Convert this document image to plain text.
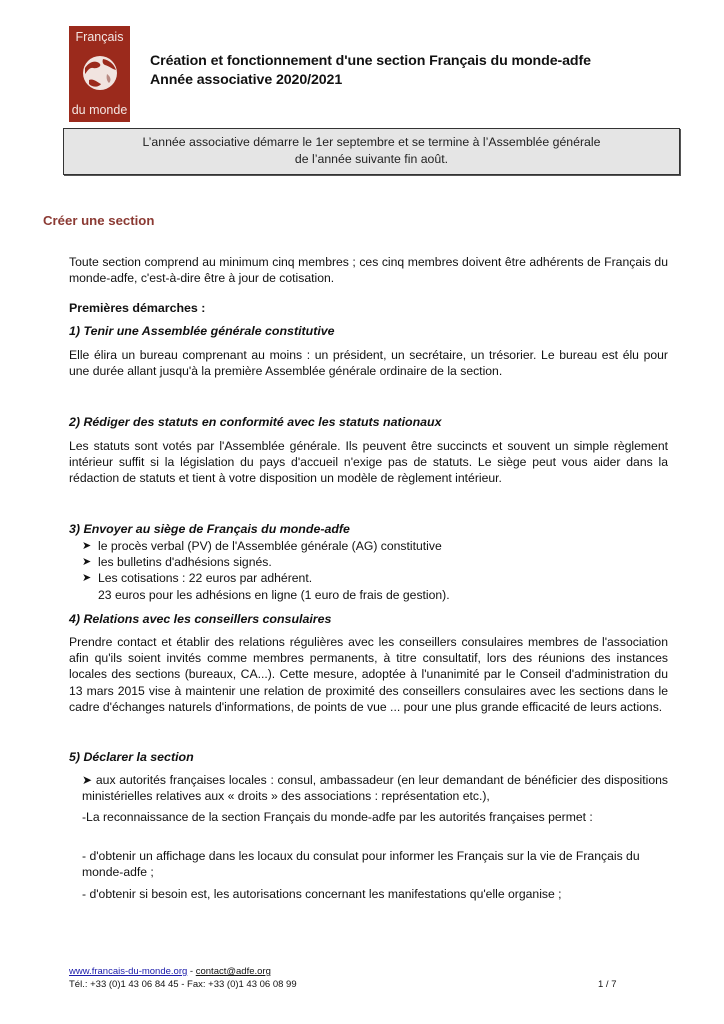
Français
du monde
Création et fonctionnement d'une section Français du monde-adfe
Année associative 2020/2021
L’année associative démarre le 1er septembre et se termine à l’Assemblée générale
de l’année suivante fin août.
Créer une section
Toute section comprend au minimum cinq membres ; ces cinq membres doivent être adhérents de Français du monde-adfe, c'est-à-dire être à jour de cotisation.
Premières démarches :
1) Tenir une Assemblée générale constitutive
Elle élira un bureau comprenant au moins : un président, un secrétaire, un trésorier. Le bureau est élu pour une durée allant jusqu'à la première Assemblée générale ordinaire de la section.
2) Rédiger des statuts en conformité avec les statuts nationaux
Les statuts sont votés par l'Assemblée générale. Ils peuvent être succincts et souvent un simple règlement intérieur suffit si la législation du pays d'accueil n'exige pas de statuts. Le siège peut vous aider dans la rédaction de statuts et tient à votre disposition un modèle de règlement intérieur.
3) Envoyer au siège de Français du monde-adfe
➤ le procès verbal (PV) de l'Assemblée générale (AG) constitutive
➤ les bulletins d'adhésions signés.
➤ Les cotisations : 22 euros par adhérent.
23 euros pour les adhésions en ligne (1 euro de frais de gestion).
4) Relations avec les conseillers consulaires
Prendre contact et établir des relations régulières avec les conseillers consulaires membres de l'association afin qu'ils soient invités comme membres permanents, à titre consultatif, lors des réunions des instances locales des sections (bureaux, CA...). Cette mesure, adoptée à l'unanimité par le Conseil d'administration du 13 mars 2015 vise à maintenir une relation de proximité des conseillers consulaires avec les sections dans le cadre d'échanges naturels d'informations, de points de vue ... pour une plus grande efficacité de leurs actions.
5) Déclarer la section
➤ aux autorités françaises locales : consul, ambassadeur (en leur demandant de bénéficier des dispositions ministérielles relatives aux « droits » des associations : représentation etc.),
-La reconnaissance de la section Français du monde-adfe par les autorités françaises permet :
- d'obtenir un affichage dans les locaux du consulat pour informer les Français sur la vie de Français du monde-adfe ;
- d'obtenir si besoin est, les autorisations concernant les manifestations qu'elle organise ;
www.francais-du-monde.org - contact@adfe.org
Tél.: +33 (0)1 43 06 84 45 - Fax: +33 (0)1 43 06 08 99	1 / 7
